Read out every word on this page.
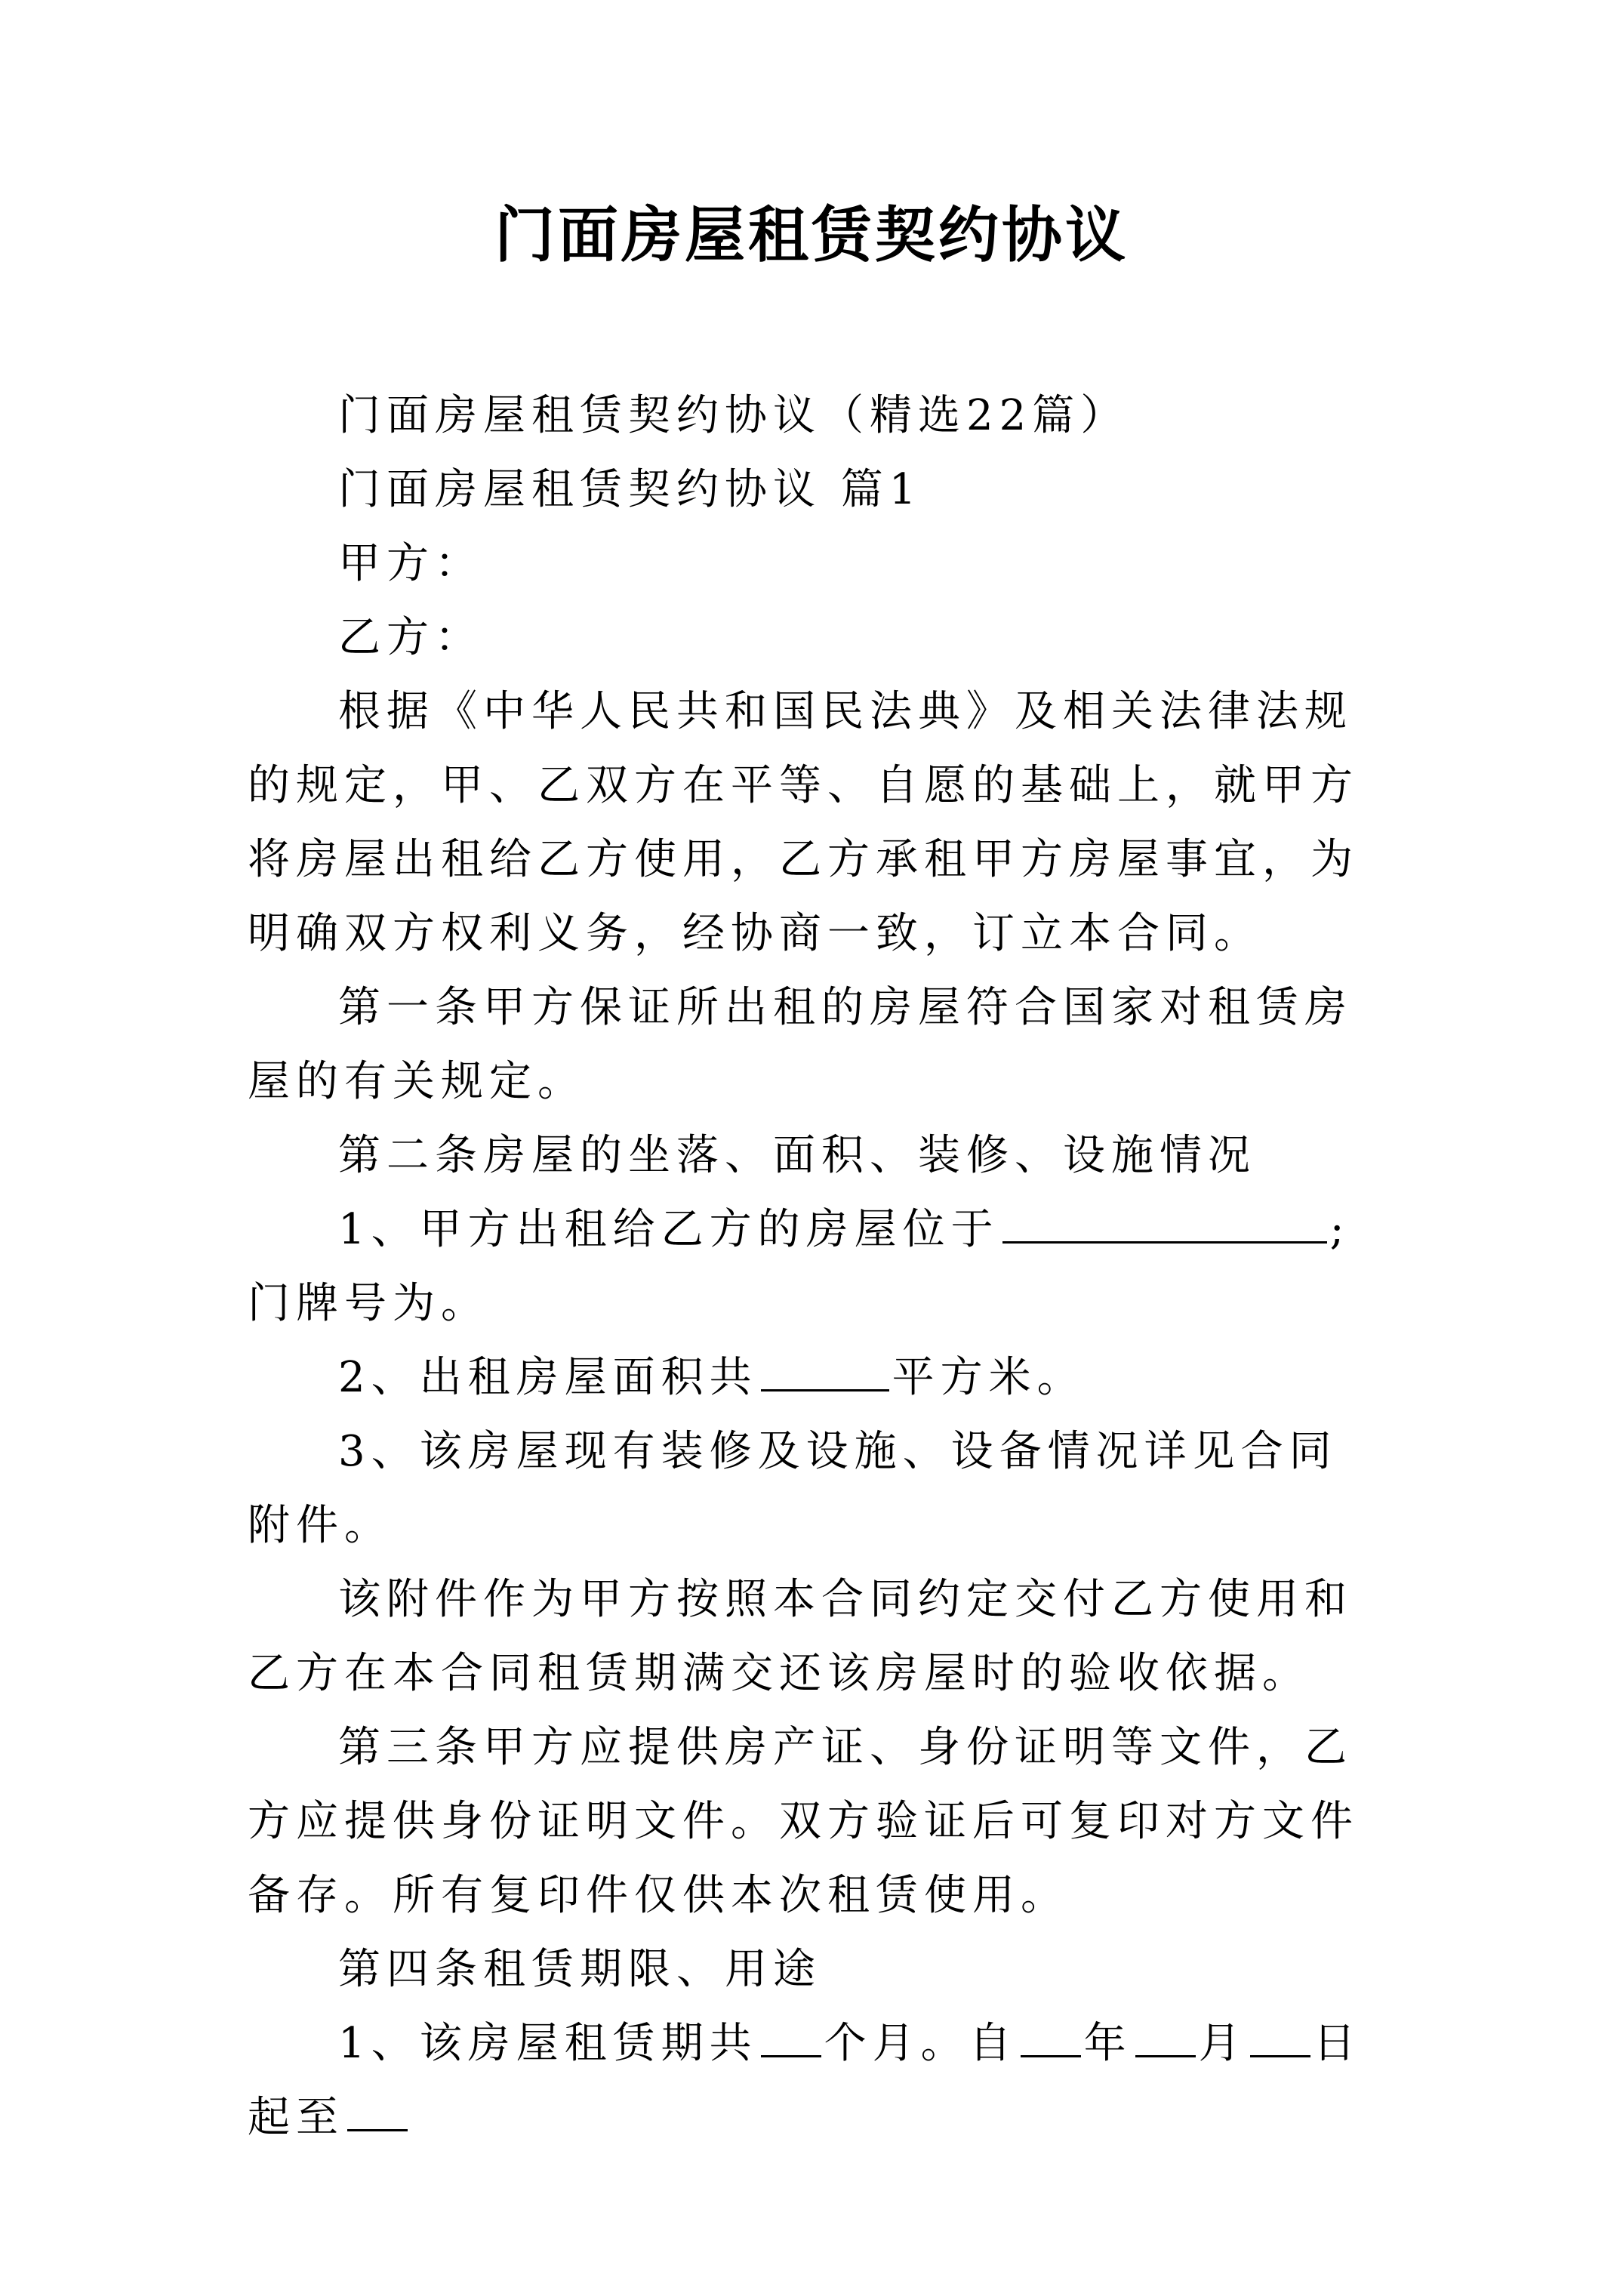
门面房屋租赁契约协议

门面房屋租赁契约协议（精选22篇）

门面房屋租赁契约协议 篇1

甲方：

乙方：

根据《中华人民共和国民法典》及相关法律法规的规定，甲、乙双方在平等、自愿的基础上，就甲方将房屋出租给乙方使用，乙方承租甲方房屋事宜，为明确双方权利义务，经协商一致，订立本合同。

第一条甲方保证所出租的房屋符合国家对租赁房屋的有关规定。

第二条房屋的坐落、面积、装修、设施情况

1、甲方出租给乙方的房屋位于	;门牌号为。

2、出租房屋面积共	平方米。

3、该房屋现有装修及设施、设备情况详见合同附件。

该附件作为甲方按照本合同约定交付乙方使用和乙方在本合同租赁期满交还该房屋时的验收依据。

第三条甲方应提供房产证、身份证明等文件，乙方应提供身份证明文件。双方验证后可复印对方文件备存。所有复印件仅供本次租赁使用。

第四条租赁期限、用途

1、该房屋租赁期共 个月。自 年 月 日起至
